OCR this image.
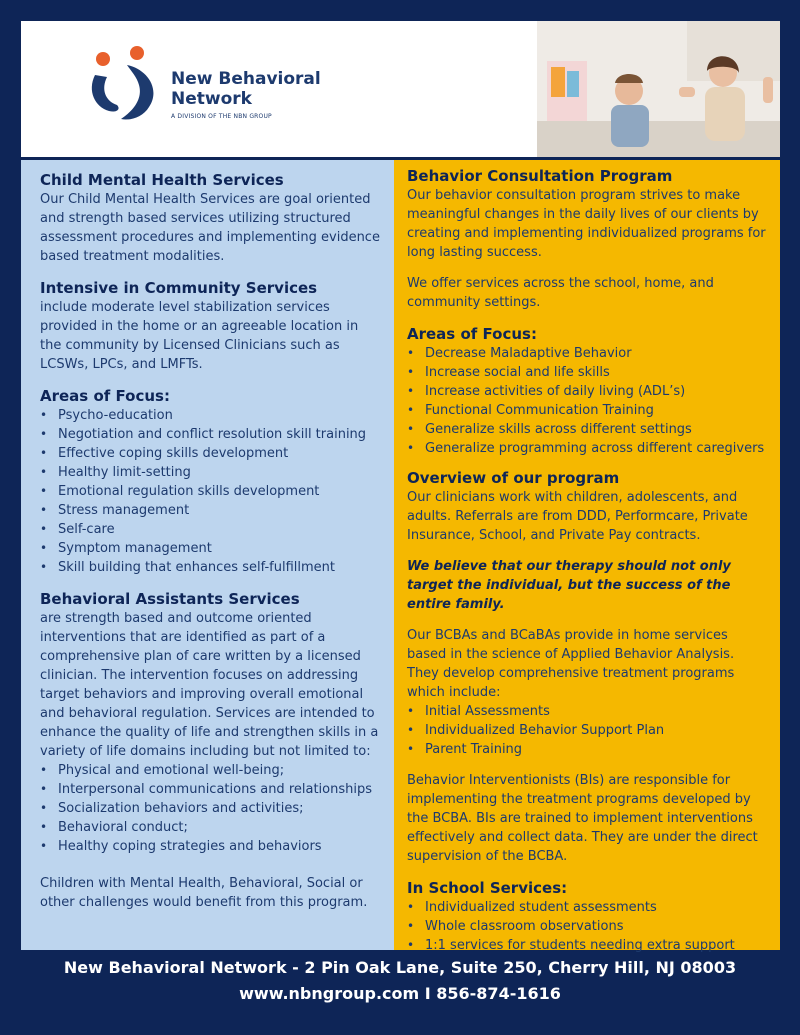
New Behavioral
Network
A DIVISION OF THE NBN GROUP
Child Mental Health Services

Our Child Mental Health Services are goal oriented and strength based services utilizing structured assessment procedures and implementing evidence based treatment modalities.

Intensive in Community Services

include moderate level stabilization services provided in the home or an agreeable location in the community by Licensed Clinicians such as LCSWs, LPCs, and LMFTs.

Areas of Focus:
• Psycho-education
• Negotiation and conflict resolution skill training
• Effective coping skills development
• Healthy limit-setting
• Emotional regulation skills development
• Stress management
• Self-care
• Symptom management
• Skill building that enhances self-fulfillment
Behavioral Assistants Services

are strength based and outcome oriented interventions that are identified as part of a comprehensive plan of care written by a licensed clinician. The intervention focuses on addressing target behaviors and improving overall emotional and behavioral regulation. Services are intended to enhance the quality of life and strengthen skills in a variety of life domains including but not limited to:

• Physical and emotional well-being;
• Interpersonal communications and relationships
• Socialization behaviors and activities;
• Behavioral conduct;
• Healthy coping strategies and behaviors

Children with Mental Health, Behavioral, Social or other challenges would benefit from this program.

Behavior Consultation Program

Our behavior consultation program strives to make meaningful changes in the daily lives of our clients by creating and implementing individualized programs for long lasting success.

We offer services across the school, home, and community settings.

Areas of Focus:
• Decrease Maladaptive Behavior
• Increase social and life skills
• Increase activities of daily living (ADL’s)
• Functional Communication Training
• Generalize skills across different settings
• Generalize programming across different caregivers
Overview of our program

Our clinicians work with children, adolescents, and adults. Referrals are from DDD, Performcare, Private Insurance, School, and Private Pay contracts.

We believe that our therapy should not only target the individual, but the success of the entire family.

Our BCBAs and BCaBAs provide in home services based in the science of Applied Behavior Analysis. They develop comprehensive treatment programs which include:

• Initial Assessments
• Individualized Behavior Support Plan
• Parent Training

Behavior Interventionists (BIs) are responsible for implementing the treatment programs developed by the BCBA. BIs are trained to implement interventions effectively and collect data. They are under the direct supervision of the BCBA.

In School Services:
• Individualized student assessments
• Whole classroom observations
• 1:1 services for students needing extra support
New Behavioral Network - 2 Pin Oak Lane, Suite 250, Cherry Hill, NJ 08003
www.nbngroup.com I 856-874-1616
